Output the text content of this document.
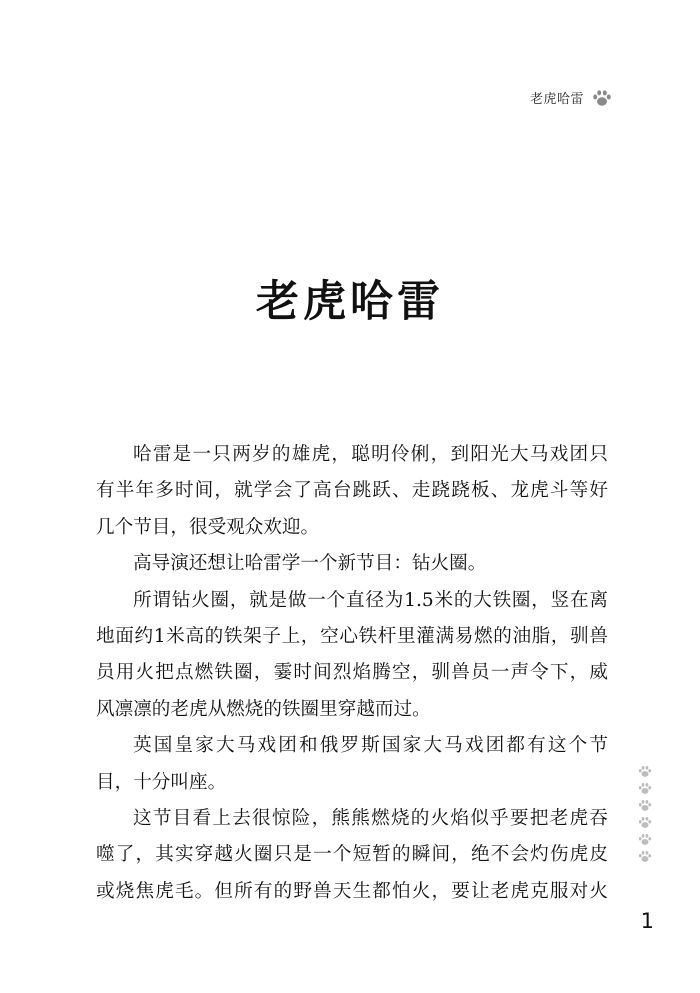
老虎哈雷
老虎哈雷
哈雷是一只两岁的雄虎，聪明伶俐，到阳光大马戏团只
有半年多时间，就学会了高台跳跃、走跷跷板、龙虎斗等好
几个节目，很受观众欢迎。
高导演还想让哈雷学一个新节目：钻火圈。
所谓钻火圈，就是做一个直径为1.5米的大铁圈，竖在离
地面约1米高的铁架子上，空心铁杆里灌满易燃的油脂，驯兽
员用火把点燃铁圈，霎时间烈焰腾空，驯兽员一声令下，威
风凛凛的老虎从燃烧的铁圈里穿越而过。
英国皇家大马戏团和俄罗斯国家大马戏团都有这个节
目，十分叫座。
这节目看上去很惊险，熊熊燃烧的火焰似乎要把老虎吞
噬了，其实穿越火圈只是一个短暂的瞬间，绝不会灼伤虎皮
或烧焦虎毛。但所有的野兽天生都怕火，要让老虎克服对火
1
